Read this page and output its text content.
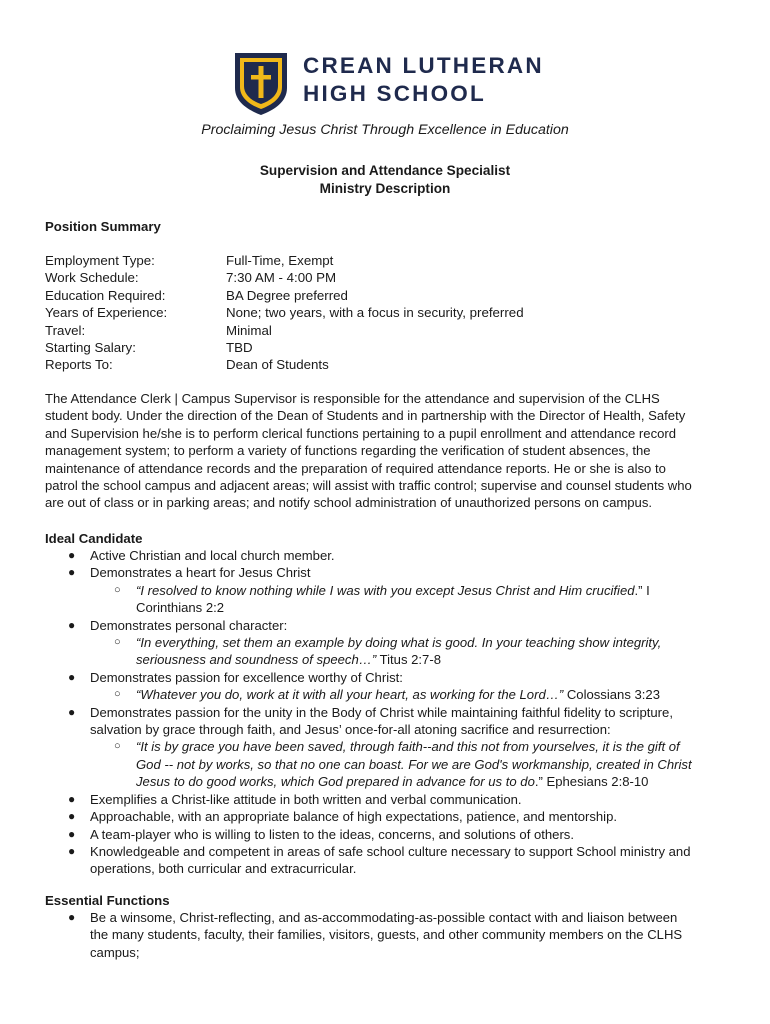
CREAN LUTHERAN
HIGH SCHOOL
Proclaiming Jesus Christ Through Excellence in Education
Supervision and Attendance Specialist
Ministry Description
Position Summary
Employment Type:	Full-Time, Exempt
Work Schedule:	7:30 AM - 4:00 PM
Education Required:	BA Degree preferred
Years of Experience:	None; two years, with a focus in security, preferred
Travel:	Minimal
Starting Salary:	TBD
Reports To:	Dean of Students
The Attendance Clerk | Campus Supervisor is responsible for the attendance and supervision of the CLHS
student body. Under the direction of the Dean of Students and in partnership with the Director of Health, Safety
and Supervision he/she is to perform clerical functions pertaining to a pupil enrollment and attendance record
management system; to perform a variety of functions regarding the verification of student absences, the
maintenance of attendance records and the preparation of required attendance reports. He or she is also to
patrol the school campus and adjacent areas; will assist with traffic control; supervise and counsel students who
are out of class or in parking areas; and notify school administration of unauthorized persons on campus.
Ideal Candidate
● Active Christian and local church member.
● Demonstrates a heart for Jesus Christ
○ “I resolved to know nothing while I was with you except Jesus Christ and Him crucified.” I
Corinthians 2:2
● Demonstrates personal character:
○ “In everything, set them an example by doing what is good. In your teaching show integrity,
seriousness and soundness of speech…” Titus 2:7-8
● Demonstrates passion for excellence worthy of Christ:
○ “Whatever you do, work at it with all your heart, as working for the Lord…” Colossians 3:23
● Demonstrates passion for the unity in the Body of Christ while maintaining faithful fidelity to scripture,
salvation by grace through faith, and Jesus’ once-for-all atoning sacrifice and resurrection:
○ “It is by grace you have been saved, through faith--and this not from yourselves, it is the gift of
God -- not by works, so that no one can boast. For we are God's workmanship, created in Christ
Jesus to do good works, which God prepared in advance for us to do.” Ephesians 2:8-10
● Exemplifies a Christ-like attitude in both written and verbal communication.
● Approachable, with an appropriate balance of high expectations, patience, and mentorship.
● A team-player who is willing to listen to the ideas, concerns, and solutions of others.
● Knowledgeable and competent in areas of safe school culture necessary to support School ministry and
operations, both curricular and extracurricular.
Essential Functions
● Be a winsome, Christ-reflecting, and as-accommodating-as-possible contact with and liaison between
the many students, faculty, their families, visitors, guests, and other community members on the CLHS
campus;
